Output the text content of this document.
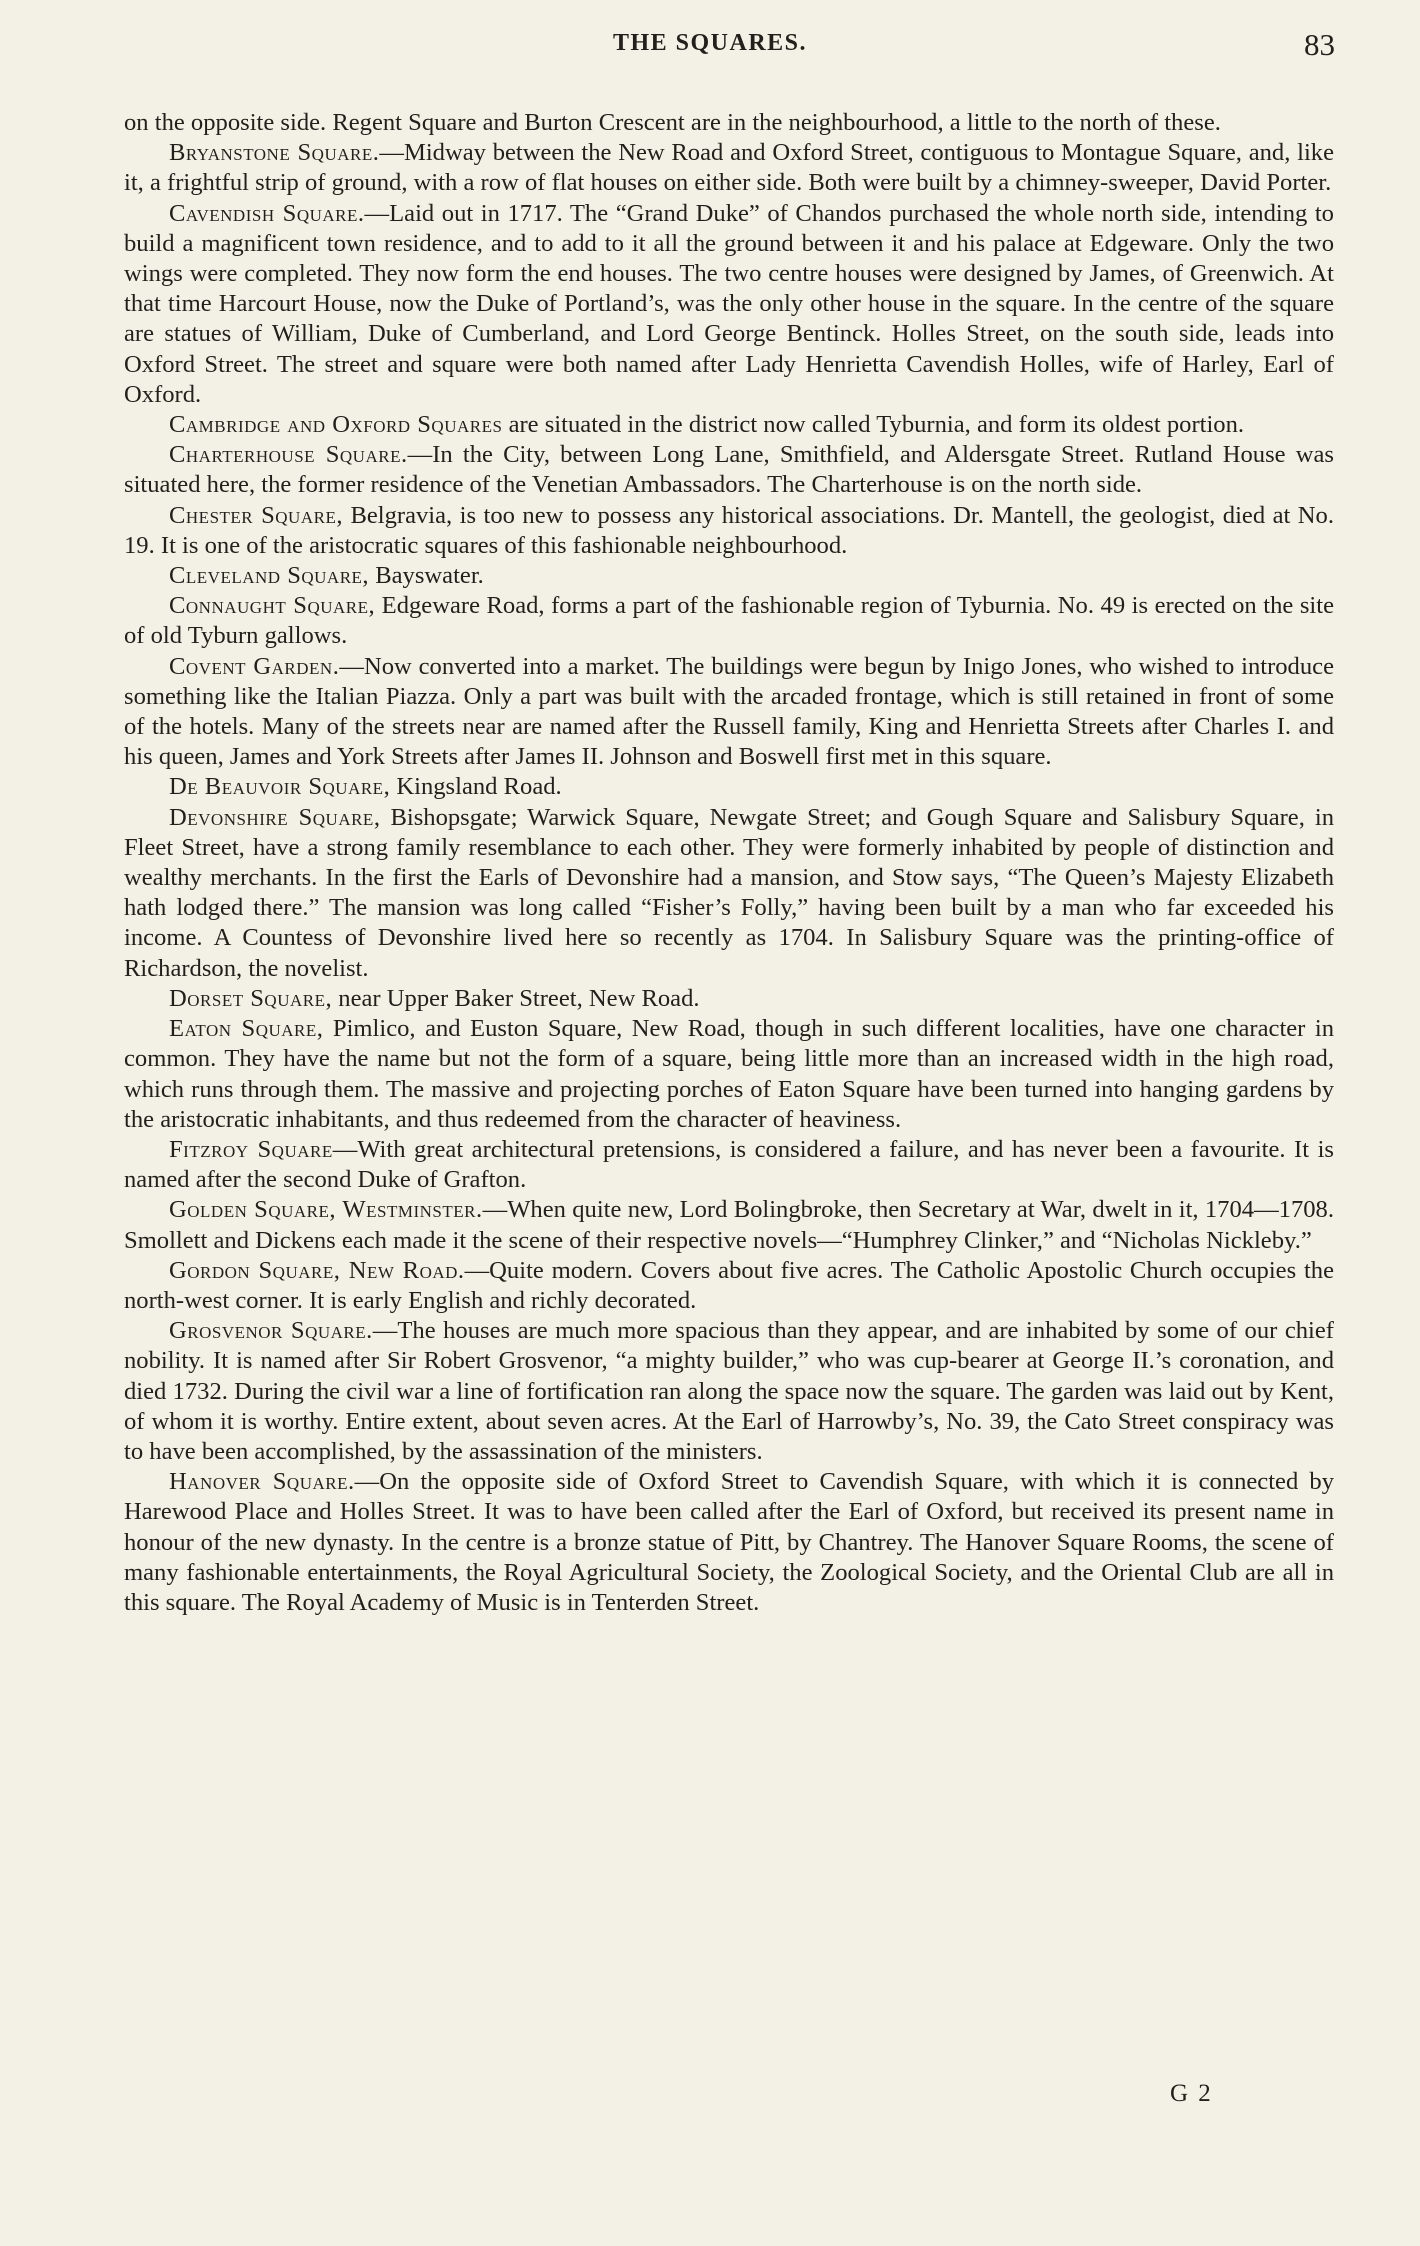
THE SQUARES.	83

on the opposite side. Regent Square and Burton Crescent are in the neighbourhood, a little to the north of these.

Bryanstone Square.—Midway between the New Road and Oxford Street, contiguous to Montague Square, and, like it, a frightful strip of ground, with a row of flat houses on either side. Both were built by a chimney-sweeper, David Porter.

Cavendish Square.—Laid out in 1717. The “Grand Duke” of Chandos purchased the whole north side, intending to build a magnificent town residence, and to add to it all the ground between it and his palace at Edgeware. Only the two wings were completed. They now form the end houses. The two centre houses were designed by James, of Greenwich. At that time Harcourt House, now the Duke of Portland’s, was the only other house in the square. In the centre of the square are statues of William, Duke of Cumberland, and Lord George Bentinck. Holles Street, on the south side, leads into Oxford Street. The street and square were both named after Lady Henrietta Cavendish Holles, wife of Harley, Earl of Oxford.

Cambridge and Oxford Squares are situated in the district now called Tyburnia, and form its oldest portion.

Charterhouse Square.—In the City, between Long Lane, Smithfield, and Aldersgate Street. Rutland House was situated here, the former residence of the Venetian Ambassadors. The Charterhouse is on the north side.

Chester Square, Belgravia, is too new to possess any historical associations. Dr. Mantell, the geologist, died at No. 19. It is one of the aristocratic squares of this fashionable neighbourhood.

Cleveland Square, Bayswater.

Connaught Square, Edgeware Road, forms a part of the fashionable region of Tyburnia. No. 49 is erected on the site of old Tyburn gallows.

Covent Garden.—Now converted into a market. The buildings were begun by Inigo Jones, who wished to introduce something like the Italian Piazza. Only a part was built with the arcaded frontage, which is still retained in front of some of the hotels. Many of the streets near are named after the Russell family, King and Henrietta Streets after Charles I. and his queen, James and York Streets after James II. Johnson and Boswell first met in this square.

De Beauvoir Square, Kingsland Road.

Devonshire Square, Bishopsgate; Warwick Square, Newgate Street; and Gough Square and Salisbury Square, in Fleet Street, have a strong family resemblance to each other. They were formerly inhabited by people of distinction and wealthy merchants. In the first the Earls of Devonshire had a mansion, and Stow says, “The Queen’s Majesty Elizabeth hath lodged there.” The mansion was long called “Fisher’s Folly,” having been built by a man who far exceeded his income. A Countess of Devonshire lived here so recently as 1704. In Salisbury Square was the printing-office of Richardson, the novelist.

Dorset Square, near Upper Baker Street, New Road.

Eaton Square, Pimlico, and Euston Square, New Road, though in such different localities, have one character in common. They have the name but not the form of a square, being little more than an increased width in the high road, which runs through them. The massive and projecting porches of Eaton Square have been turned into hanging gardens by the aristocratic inhabitants, and thus redeemed from the character of heaviness.

Fitzroy Square—With great architectural pretensions, is considered a failure, and has never been a favourite. It is named after the second Duke of Grafton.

Golden Square, Westminster.—When quite new, Lord Bolingbroke, then Secretary at War, dwelt in it, 1704—1708. Smollett and Dickens each made it the scene of their respective novels—“Humphrey Clinker,” and “Nicholas Nickleby.”

Gordon Square, New Road.—Quite modern. Covers about five acres. The Catholic Apostolic Church occupies the north-west corner. It is early English and richly decorated.

Grosvenor Square.—The houses are much more spacious than they appear, and are inhabited by some of our chief nobility. It is named after Sir Robert Grosvenor, “a mighty builder,” who was cup-bearer at George II.’s coronation, and died 1732. During the civil war a line of fortification ran along the space now the square. The garden was laid out by Kent, of whom it is worthy. Entire extent, about seven acres. At the Earl of Harrowby’s, No. 39, the Cato Street conspiracy was to have been accomplished, by the assassination of the ministers.

Hanover Square.—On the opposite side of Oxford Street to Cavendish Square, with which it is connected by Harewood Place and Holles Street. It was to have been called after the Earl of Oxford, but received its present name in honour of the new dynasty. In the centre is a bronze statue of Pitt, by Chantrey. The Hanover Square Rooms, the scene of many fashionable entertainments, the Royal Agricultural Society, the Zoological Society, and the Oriental Club are all in this square. The Royal Academy of Music is in Tenterden Street.

G 2
